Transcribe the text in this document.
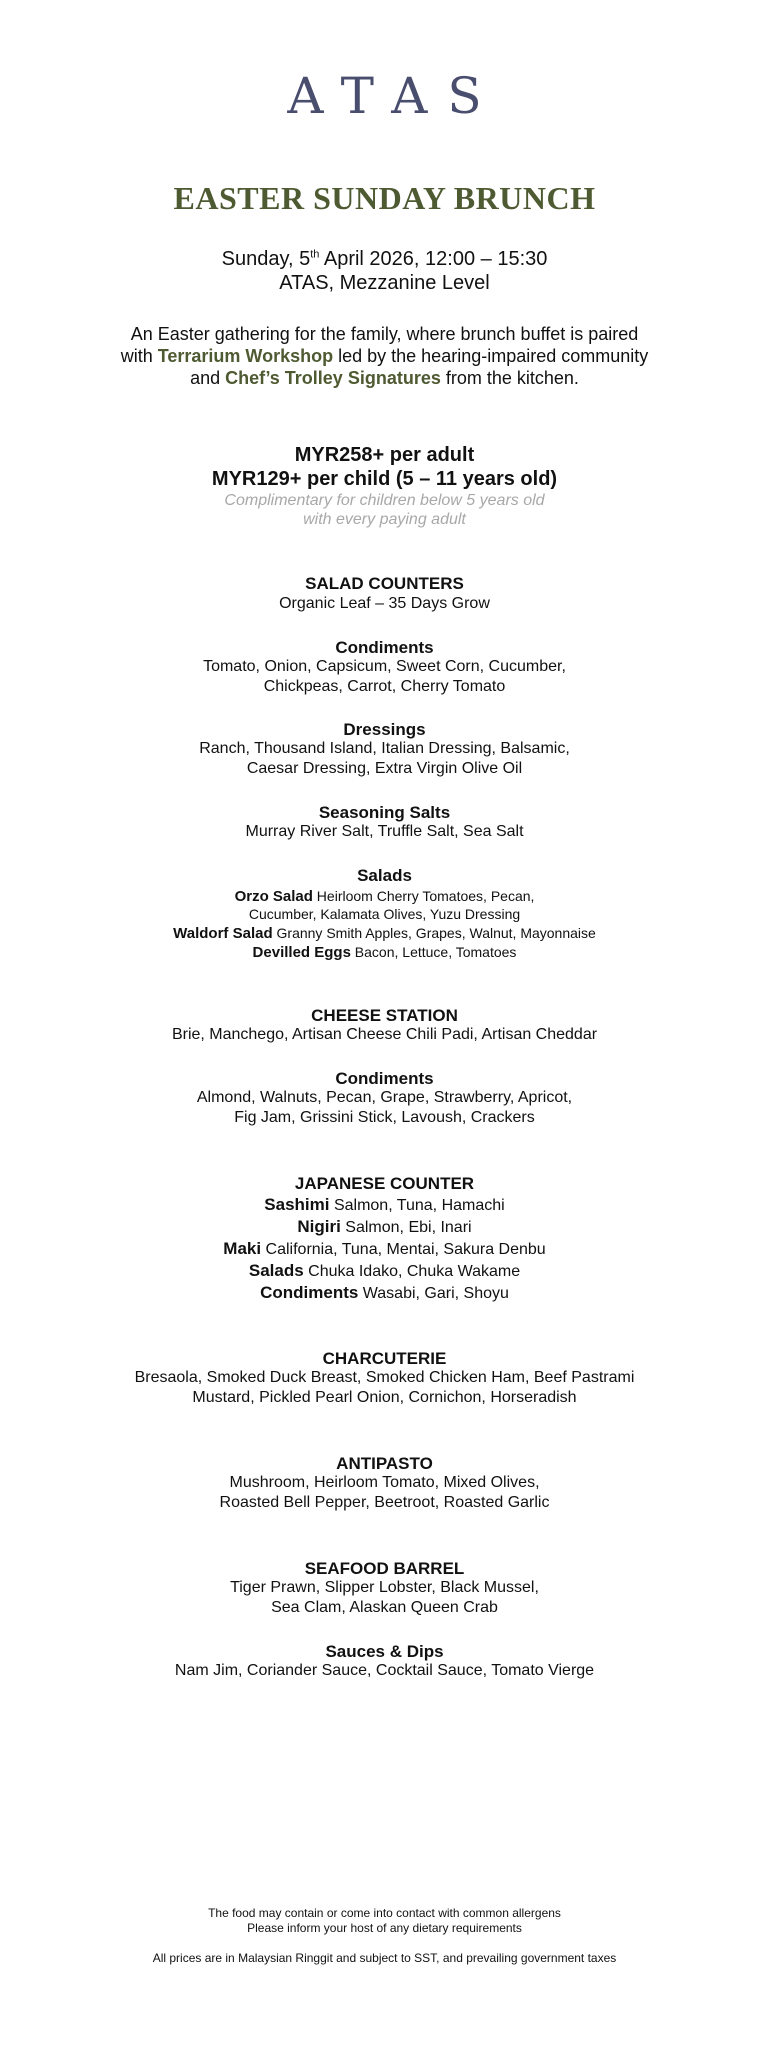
ATAS
EASTER SUNDAY BRUNCH
Sunday, 5th April 2026, 12:00 – 15:30
ATAS, Mezzanine Level
An Easter gathering for the family, where brunch buffet is paired
with Terrarium Workshop led by the hearing-impaired community
and Chef’s Trolley Signatures from the kitchen.
MYR258+ per adult
MYR129+ per child (5 – 11 years old)
Complimentary for children below 5 years old
with every paying adult
SALAD COUNTERS
Organic Leaf – 35 Days Grow
Condiments
Tomato, Onion, Capsicum, Sweet Corn, Cucumber,
Chickpeas, Carrot, Cherry Tomato
Dressings
Ranch, Thousand Island, Italian Dressing, Balsamic,
Caesar Dressing, Extra Virgin Olive Oil
Seasoning Salts
Murray River Salt, Truffle Salt, Sea Salt
Salads
Orzo Salad Heirloom Cherry Tomatoes, Pecan,
Cucumber, Kalamata Olives, Yuzu Dressing
Waldorf Salad Granny Smith Apples, Grapes, Walnut, Mayonnaise
Devilled Eggs Bacon, Lettuce, Tomatoes
CHEESE STATION
Brie, Manchego, Artisan Cheese Chili Padi, Artisan Cheddar
Condiments
Almond, Walnuts, Pecan, Grape, Strawberry, Apricot,
Fig Jam, Grissini Stick, Lavoush, Crackers
JAPANESE COUNTER
Sashimi Salmon, Tuna, Hamachi
Nigiri Salmon, Ebi, Inari
Maki California, Tuna, Mentai, Sakura Denbu
Salads Chuka Idako, Chuka Wakame
Condiments Wasabi, Gari, Shoyu
CHARCUTERIE
Bresaola, Smoked Duck Breast, Smoked Chicken Ham, Beef Pastrami
Mustard, Pickled Pearl Onion, Cornichon, Horseradish
ANTIPASTO
Mushroom, Heirloom Tomato, Mixed Olives,
Roasted Bell Pepper, Beetroot, Roasted Garlic
SEAFOOD BARREL
Tiger Prawn, Slipper Lobster, Black Mussel,
Sea Clam, Alaskan Queen Crab
Sauces & Dips
Nam Jim, Coriander Sauce, Cocktail Sauce, Tomato Vierge
The food may contain or come into contact with common allergens
Please inform your host of any dietary requirements
All prices are in Malaysian Ringgit and subject to SST, and prevailing government taxes
